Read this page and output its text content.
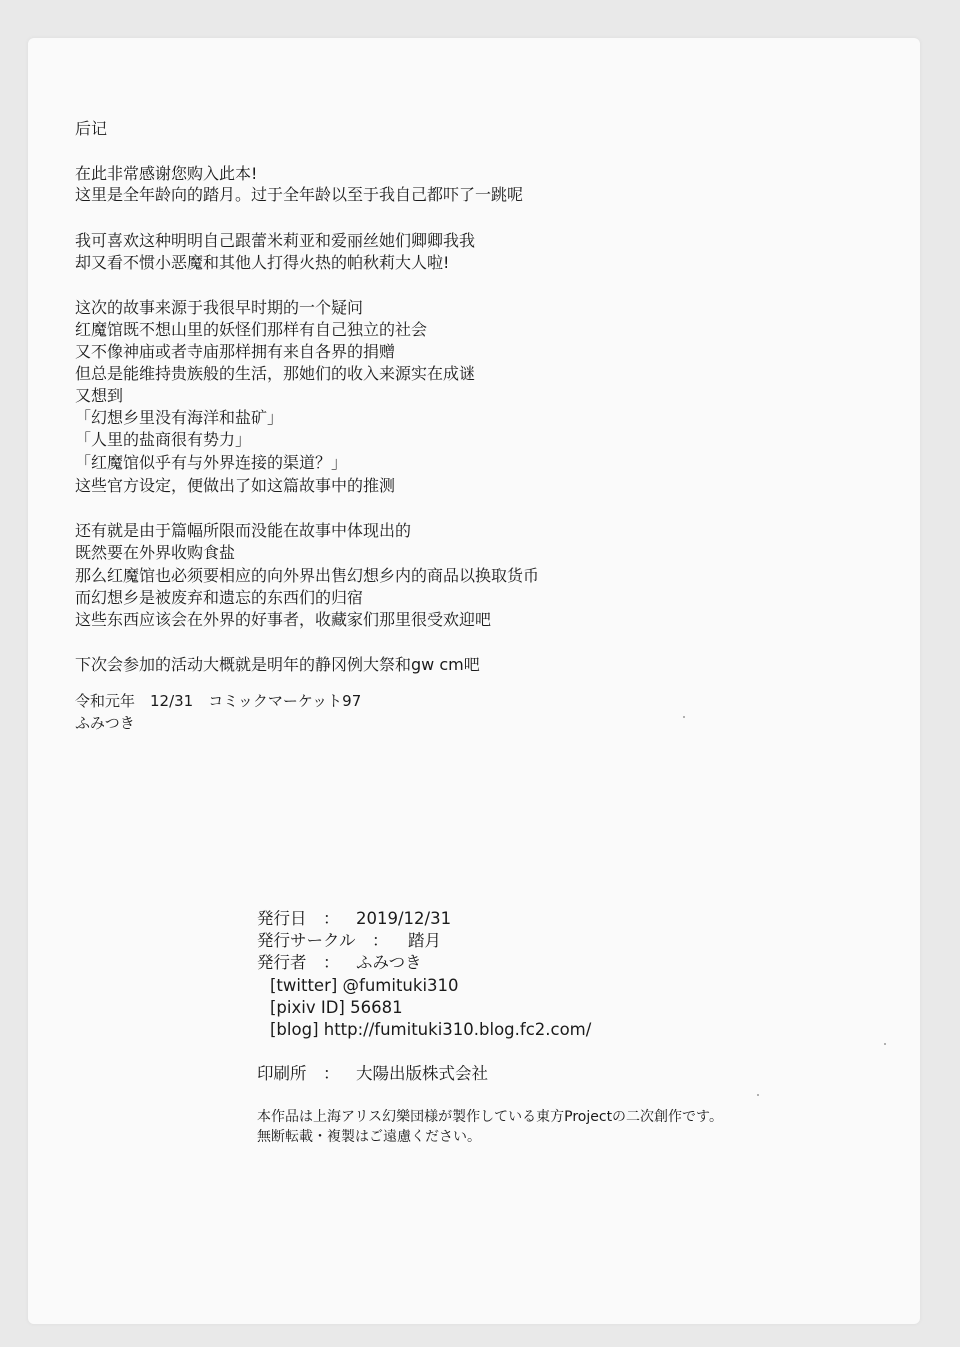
后记
在此非常感谢您购入此本!
这里是全年龄向的踏月。过于全年龄以至于我自己都吓了一跳呢
我可喜欢这种明明自己跟蕾米莉亚和爱丽丝她们卿卿我我
却又看不惯小恶魔和其他人打得火热的帕秋莉大人啦!
这次的故事来源于我很早时期的一个疑问
红魔馆既不想山里的妖怪们那样有自己独立的社会
又不像神庙或者寺庙那样拥有来自各界的捐赠
但总是能维持贵族般的生活，那她们的收入来源实在成谜
又想到
「幻想乡里没有海洋和盐矿」
「人里的盐商很有势力」
「红魔馆似乎有与外界连接的渠道？」
这些官方设定，便做出了如这篇故事中的推测
还有就是由于篇幅所限而没能在故事中体现出的
既然要在外界收购食盐
那么红魔馆也必须要相应的向外界出售幻想乡内的商品以换取货币
而幻想乡是被废弃和遗忘的东西们的归宿
这些东西应该会在外界的好事者，收藏家们那里很受欢迎吧
下次会参加的活动大概就是明年的静冈例大祭和gw cm吧
令和元年　12/31　コミックマーケット97
ふみつき
発行日　： 2019/12/31
発行サークル　： 踏月
発行者　： ふみつき
[twitter] @fumituki310
[pixiv ID] 56681
[blog] http://fumituki310.blog.fc2.com/
印刷所　： 大陽出版株式会社
本作品は上海アリス幻樂団様が製作している東方Projectの二次創作です。
無断転載・複製はご遠慮ください。
